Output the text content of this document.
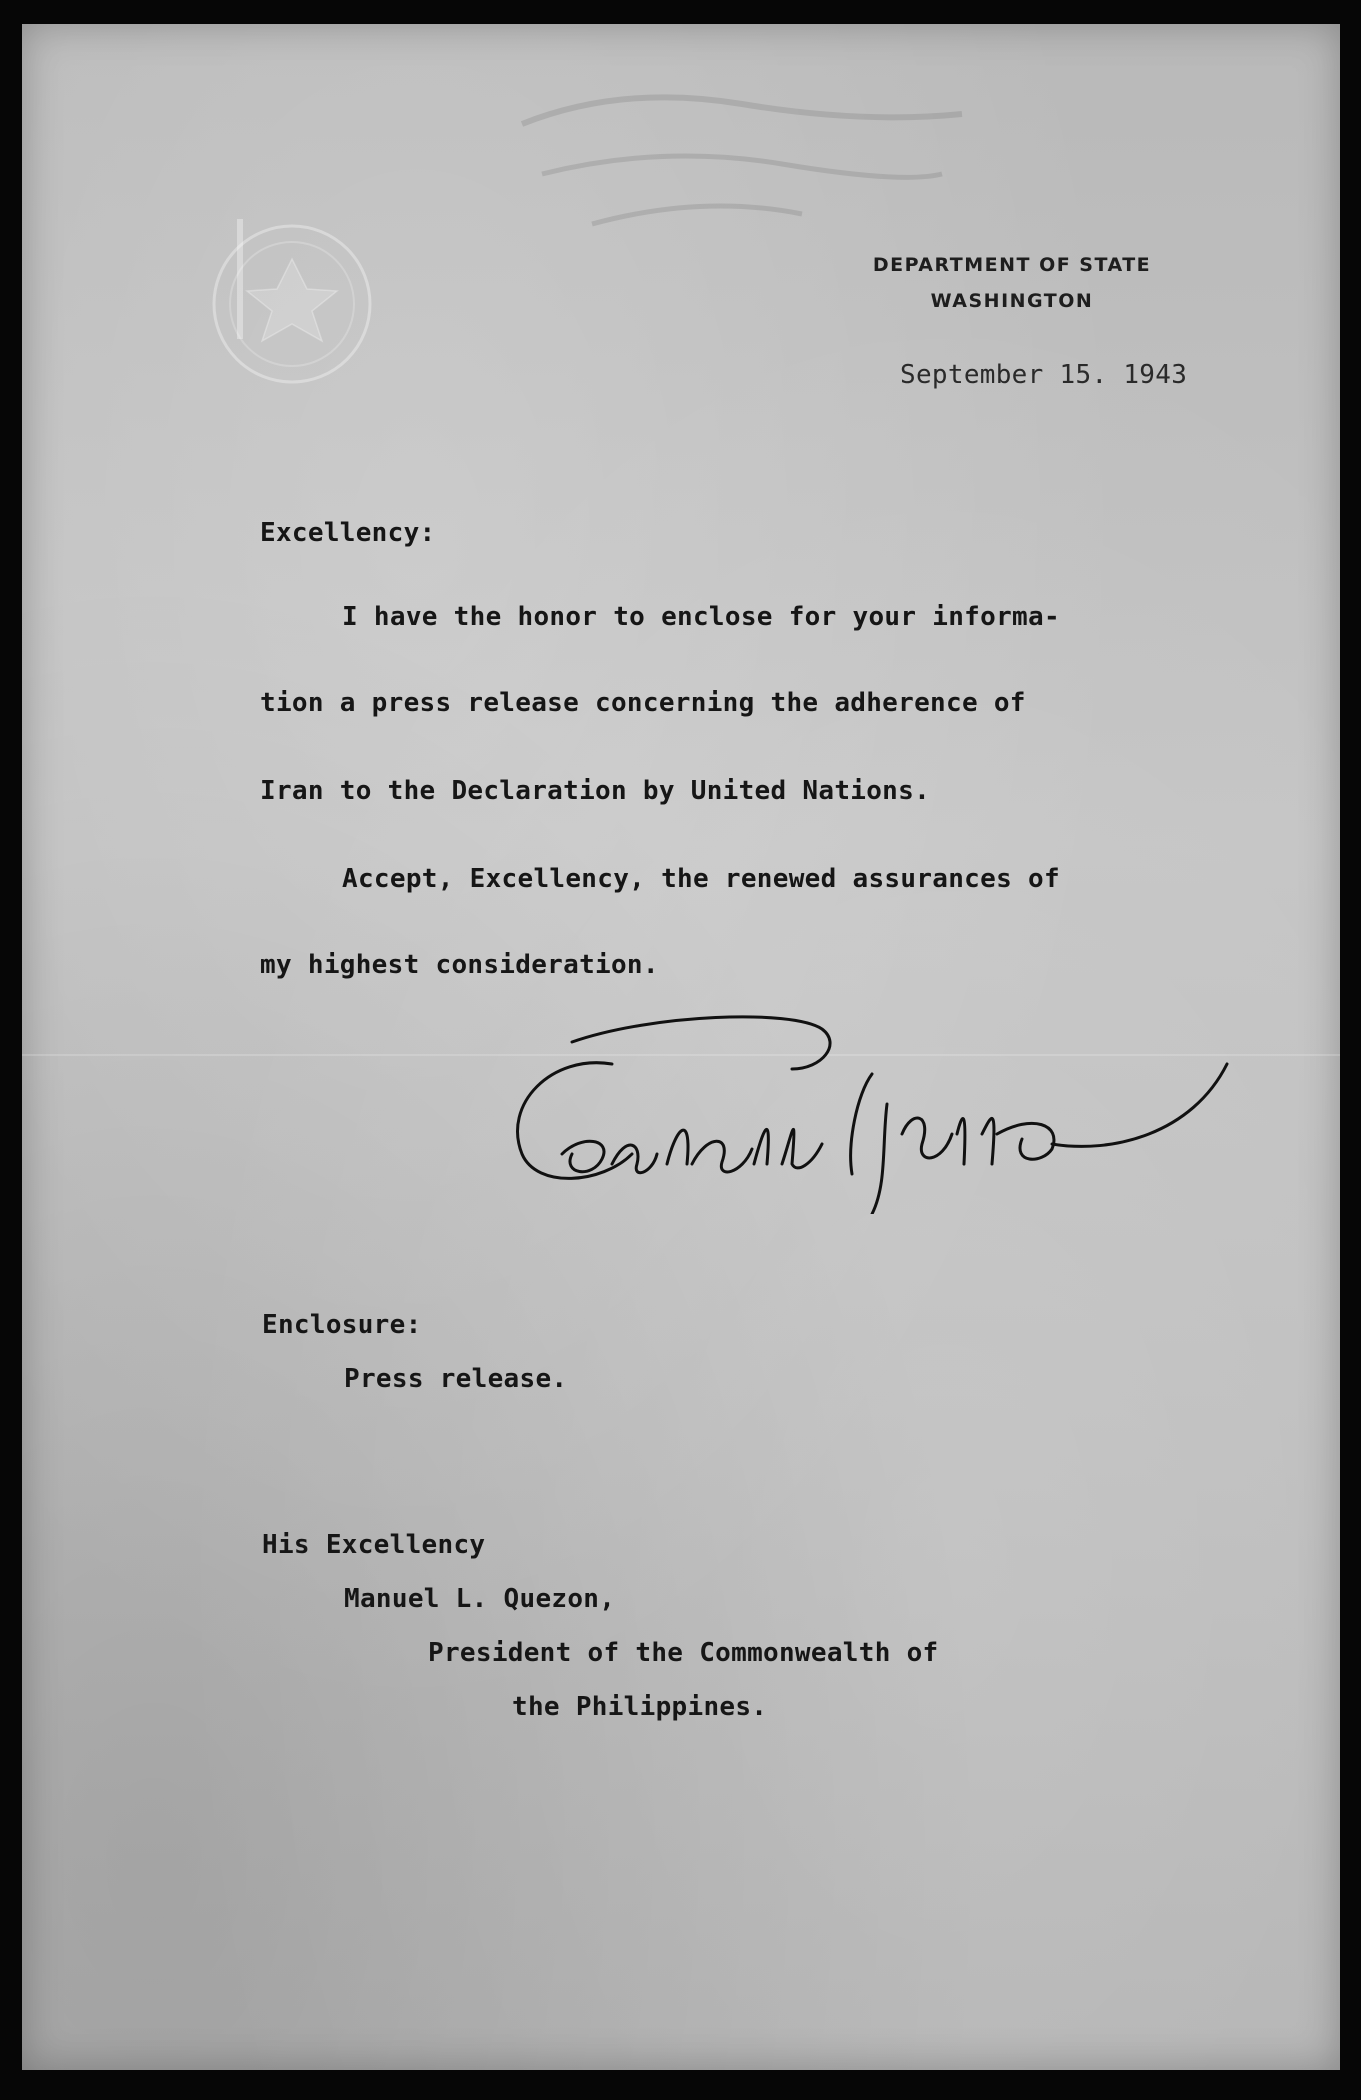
DEPARTMENT OF STATE
WASHINGTON
September 15. 1943
Excellency:
I have the honor to enclose for your informa-
tion a press release concerning the adherence of
Iran to the Declaration by United Nations.
Accept, Excellency, the renewed assurances of
my highest consideration.
Enclosure:
Press release.
His Excellency
Manuel L. Quezon,
President of the Commonwealth of
the Philippines.
